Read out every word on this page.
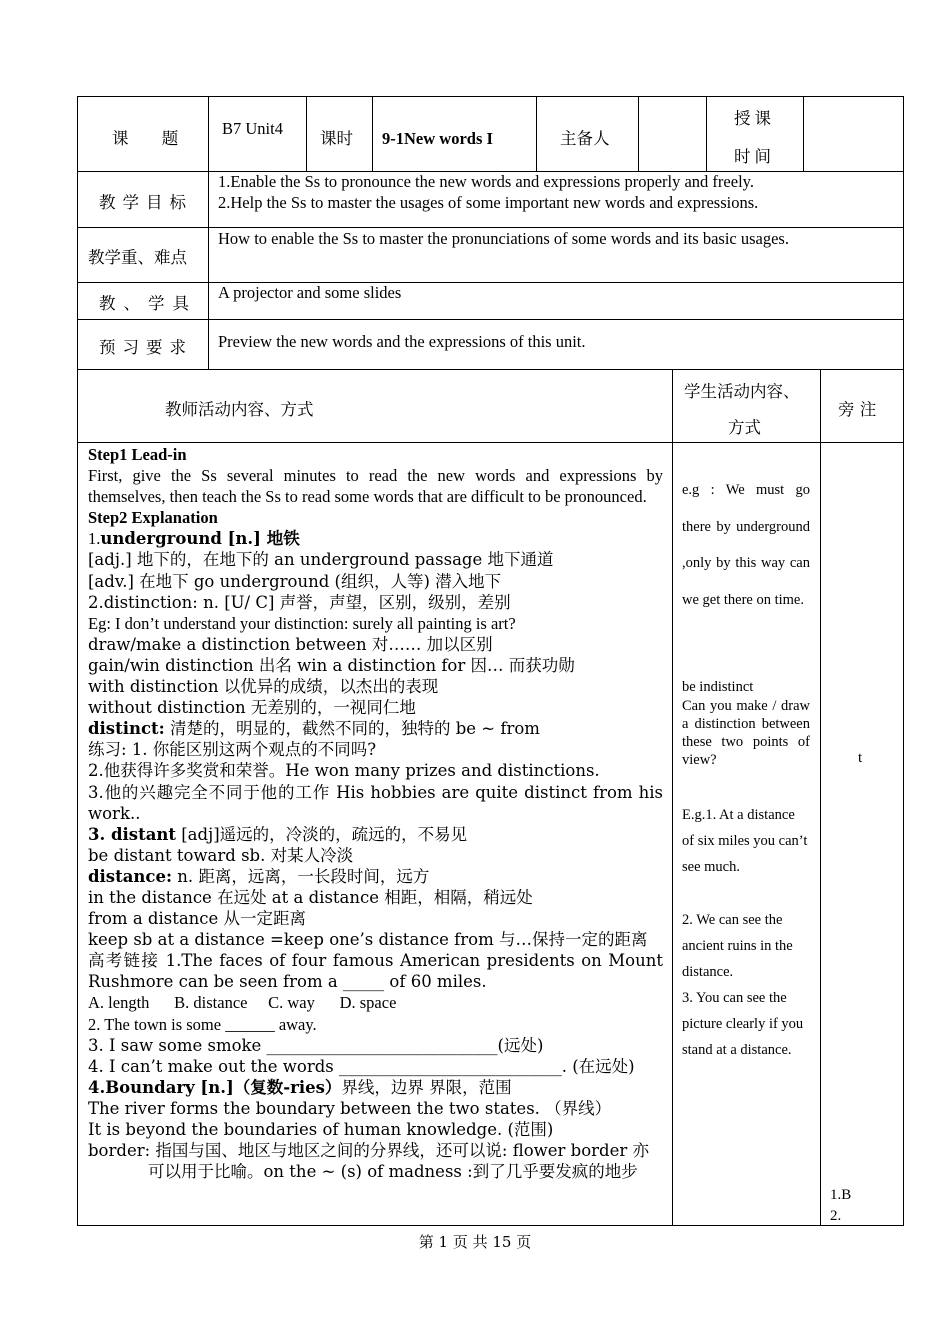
课 题
B7 Unit4
课时 9-1New words I	主备人
授课
时间
教学目标
1.Enable the Ss to pronounce the new words and expressions properly and freely.
2.Help the Ss to master the usages of some important new words and expressions.
教学重、难点
How to enable the Ss to master the pronunciations of some words and its basic usages.
教、学具
A projector and some slides
预习要求 Preview the new words and the expressions of this unit.
教师活动内容、方式
学生活动内容、
方式
旁 注
Step1 Lead-in
First, give the Ss several minutes to read the new words and expressions by themselves, then teach the Ss to read some words that are difficult to be pronounced.
Step2 Explanation
1.underground [n.] 地铁
[adj.] 地下的，在地下的 an underground passage 地下通道
[adv.] 在地下 go underground (组织，人等) 潜入地下
2.distinction: n. [U/ C] 声誉，声望，区别，级别，差别
Eg: I don’t understand your distinction: surely all painting is art?
draw/make a distinction between 对…… 加以区别
gain/win distinction 出名 win a distinction for 因… 而获功勋
with distinction 以优异的成绩，以杰出的表现
without distinction 无差别的，一视同仁地
distinct: 清楚的，明显的，截然不同的，独特的 be ~ from
练习: 1. 你能区别这两个观点的不同吗?
2.他获得许多奖赏和荣誉。He won many prizes and distinctions.
3.他的兴趣完全不同于他的工作 His hobbies are quite distinct from his work..
3. distant [adj]遥远的，冷淡的，疏远的，不易见
be distant toward sb. 对某人冷淡
distance: n. 距离，远离，一长段时间，远方
in the distance 在远处 at a distance 相距，相隔，稍远处
from a distance 从一定距离
keep sb at a distance =keep one’s distance from 与…保持一定的距离
高考链接 1.The faces of four famous American presidents on Mount Rushmore can be seen from a _____ of 60 miles.
A. length      B. distance     C. way      D. space
2. The town is some ______ away.
3. I saw some smoke ____________________________(远处)
4. I can’t make out the words ___________________________. (在远处)
4.Boundary [n.]（复数-ries）界线，边界 界限，范围
The river forms the boundary between the two states. （界线）
It is beyond the boundaries of human knowledge. (范围)
border: 指国与国、地区与地区之间的分界线，还可以说: flower border 亦可以用于比喻。on the ~ (s) of madness :到了几乎要发疯的地步
e.g : We must go there by underground ,only by this way can we get there on time.
be indistinct
Can you make / draw a distinction between these two points of view?
E.g.1. At a distance of six miles you can’t see much.
2. We can see the ancient ruins in the distance.
3. You can see the picture clearly if you stand at a distance.
t
1.B
2.
第 1 页 共 15 页
